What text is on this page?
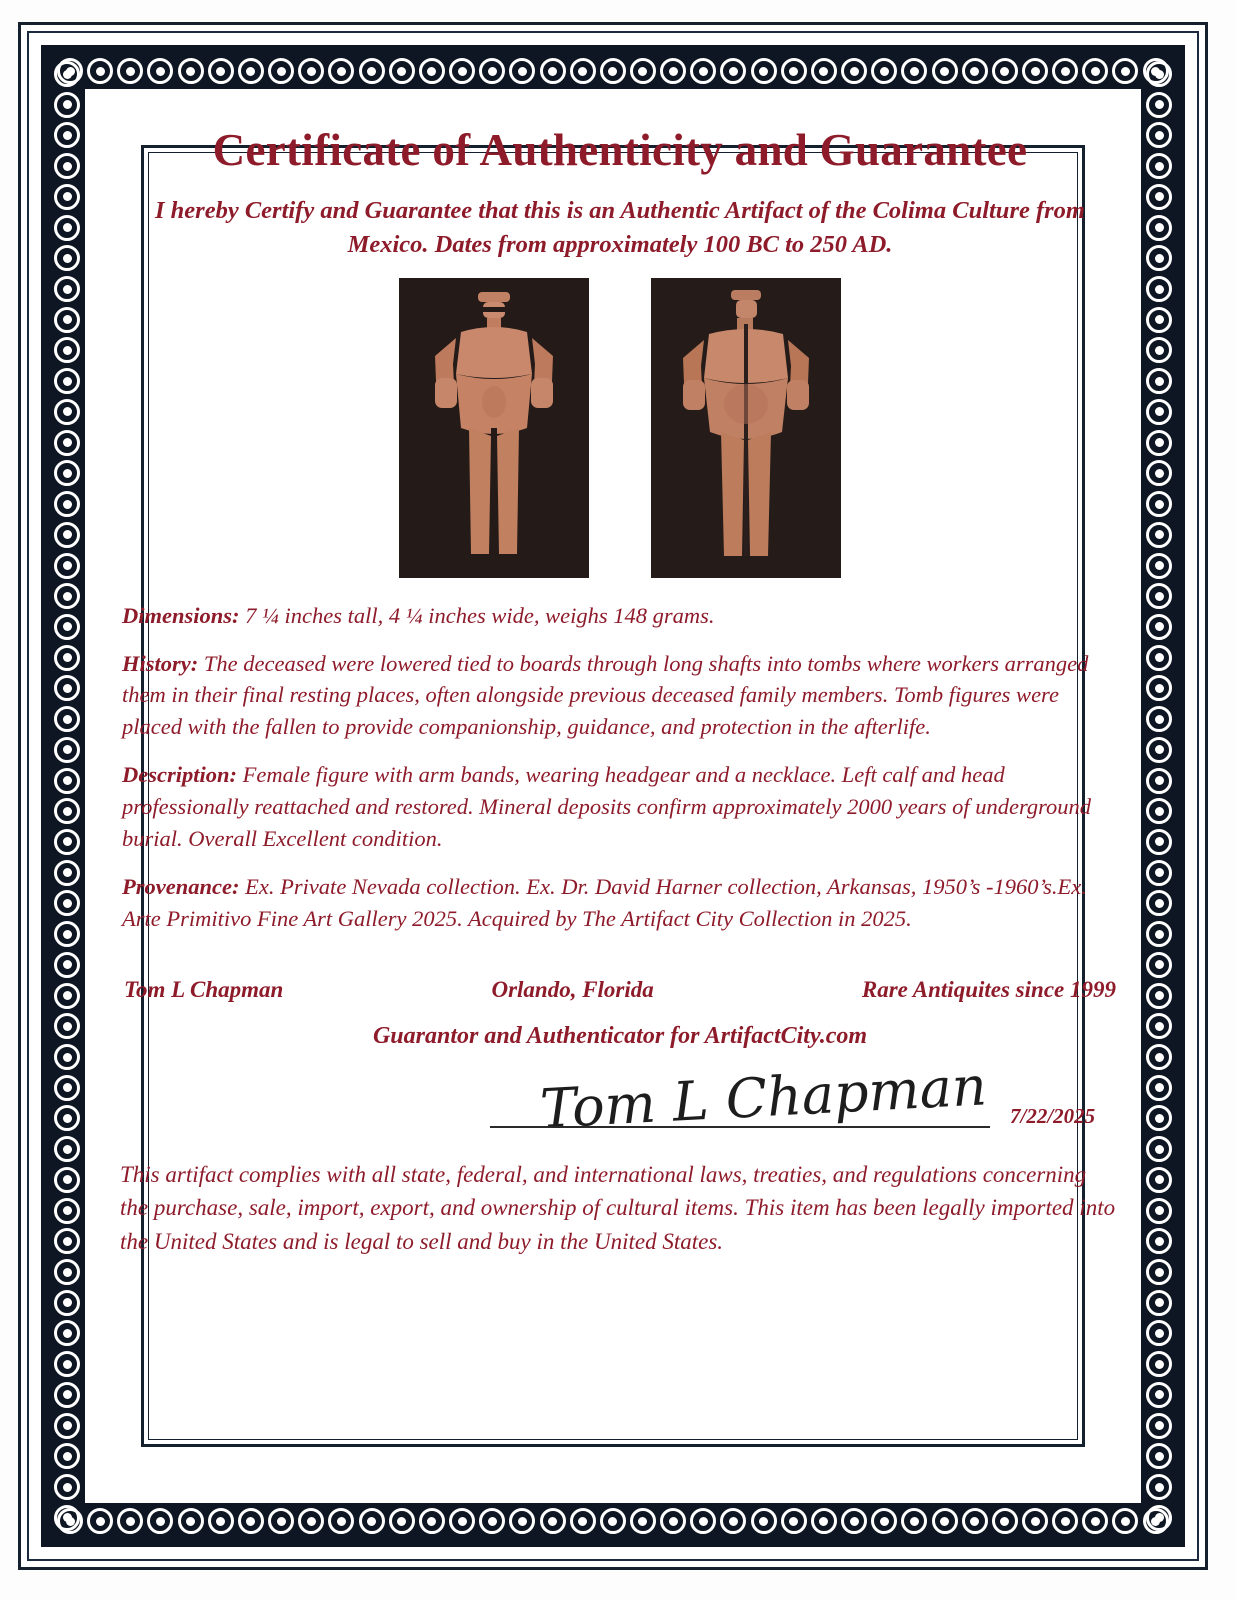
Certificate of Authenticity and Guarantee
I hereby Certify and Guarantee that this is an Authentic Artifact of the Colima Culture from Mexico. Dates from approximately 100 BC to 250 AD.

Dimensions: 7 ¼ inches tall, 4 ¼ inches wide, weighs 148 grams.

History: The deceased were lowered tied to boards through long shafts into tombs where workers arranged them in their final resting places, often alongside previous deceased family members. Tomb figures were placed with the fallen to provide companionship, guidance, and protection in the afterlife.

Description: Female figure with arm bands, wearing headgear and a necklace. Left calf and head professionally reattached and restored. Mineral deposits confirm approximately 2000 years of underground burial. Overall Excellent condition.

Provenance: Ex. Private Nevada collection. Ex. Dr. David Harner collection, Arkansas, 1950’s -1960’s.Ex. Arte Primitivo Fine Art Gallery 2025. Acquired by The Artifact City Collection in 2025.

Tom L Chapman	Orlando, Florida	Rare Antiquites since 1999
Guarantor and Authenticator for ArtifactCity.com
Tom L Chapman 7/22/2025
This artifact complies with all state, federal, and international laws, treaties, and regulations concerning the purchase, sale, import, export, and ownership of cultural items. This item has been legally imported into the United States and is legal to sell and buy in the United States.
